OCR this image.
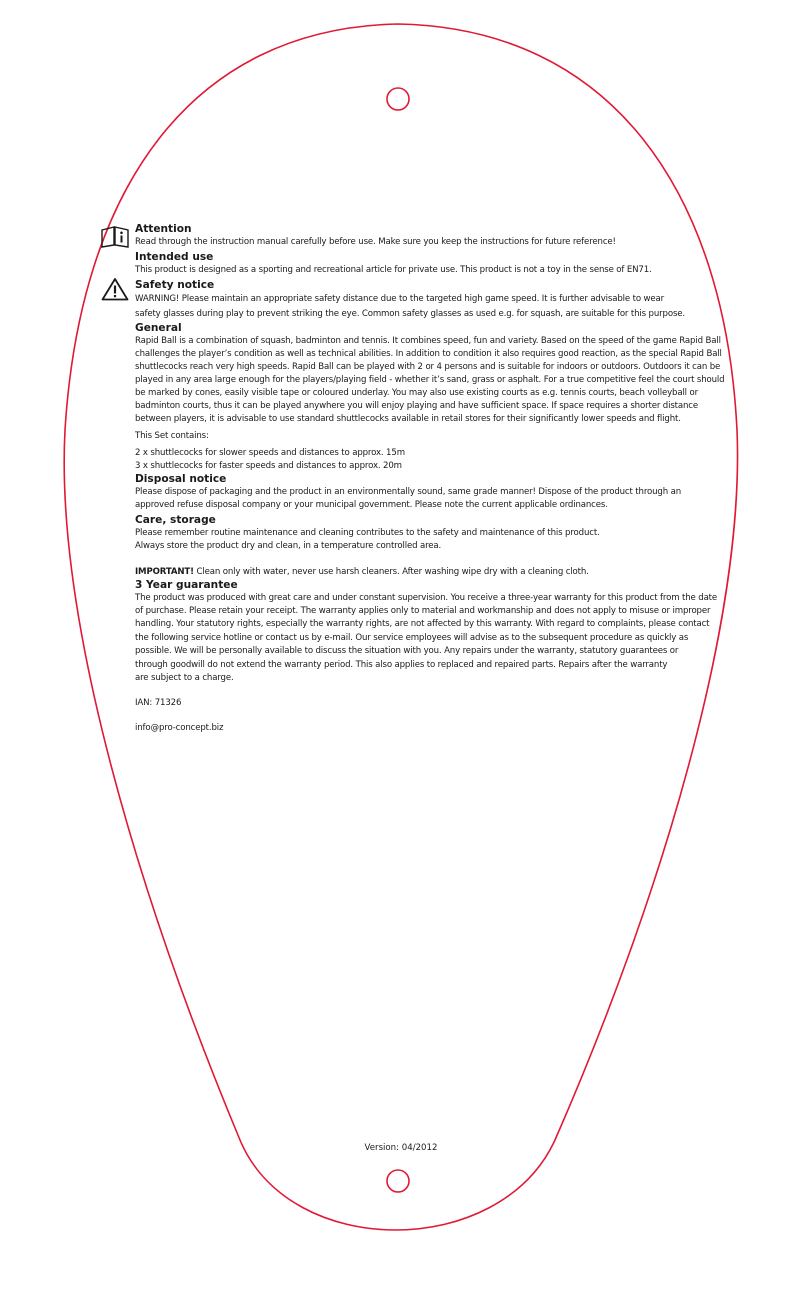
Attention

Read through the instruction manual carefully before use. Make sure you keep the instructions for future reference!

Intended use

This product is designed as a sporting and recreational article for private use. This product is not a toy in the sense of EN71.

Safety notice

WARNING! Please maintain an appropriate safety distance due to the targeted high game speed. It is further advisable to wear
safety glasses during play to prevent striking the eye. Common safety glasses as used e.g. for squash, are suitable for this purpose.

General

Rapid Ball is a combination of squash, badminton and tennis. It combines speed, fun and variety. Based on the speed of the game Rapid Ball
challenges the player’s condition as well as technical abilities. In addition to condition it also requires good reaction, as the special Rapid Ball
shuttlecocks reach very high speeds. Rapid Ball can be played with 2 or 4 persons and is suitable for indoors or outdoors. Outdoors it can be
played in any area large enough for the players/playing field - whether it’s sand, grass or asphalt. For a true competitive feel the court should
be marked by cones, easily visible tape or coloured underlay. You may also use existing courts as e.g. tennis courts, beach volleyball or
badminton courts, thus it can be played anywhere you will enjoy playing and have sufficient space. If space requires a shorter distance
between players, it is advisable to use standard shuttlecocks available in retail stores for their significantly lower speeds and flight.

This Set contains:

2 x shuttlecocks for slower speeds and distances to approx. 15m

3 x shuttlecocks for faster speeds and distances to approx. 20m

Disposal notice

Please dispose of packaging and the product in an environmentally sound, same grade manner! Dispose of the product through an
approved refuse disposal company or your municipal government. Please note the current applicable ordinances.

Care, storage

Please remember routine maintenance and cleaning contributes to the safety and maintenance of this product.

Always store the product dry and clean, in a temperature controlled area.

IMPORTANT! Clean only with water, never use harsh cleaners. After washing wipe dry with a cleaning cloth.

3 Year guarantee

The product was produced with great care and under constant supervision. You receive a three-year warranty for this product from the date
of purchase. Please retain your receipt. The warranty applies only to material and workmanship and does not apply to misuse or improper
handling. Your statutory rights, especially the warranty rights, are not affected by this warranty. With regard to complaints, please contact
the following service hotline or contact us by e-mail. Our service employees will advise as to the subsequent procedure as quickly as
possible. We will be personally available to discuss the situation with you. Any repairs under the warranty, statutory guarantees or
through goodwill do not extend the warranty period. This also applies to replaced and repaired parts. Repairs after the warranty
are subject to a charge.

IAN: 71326

info@pro-concept.biz

Version: 04/2012
